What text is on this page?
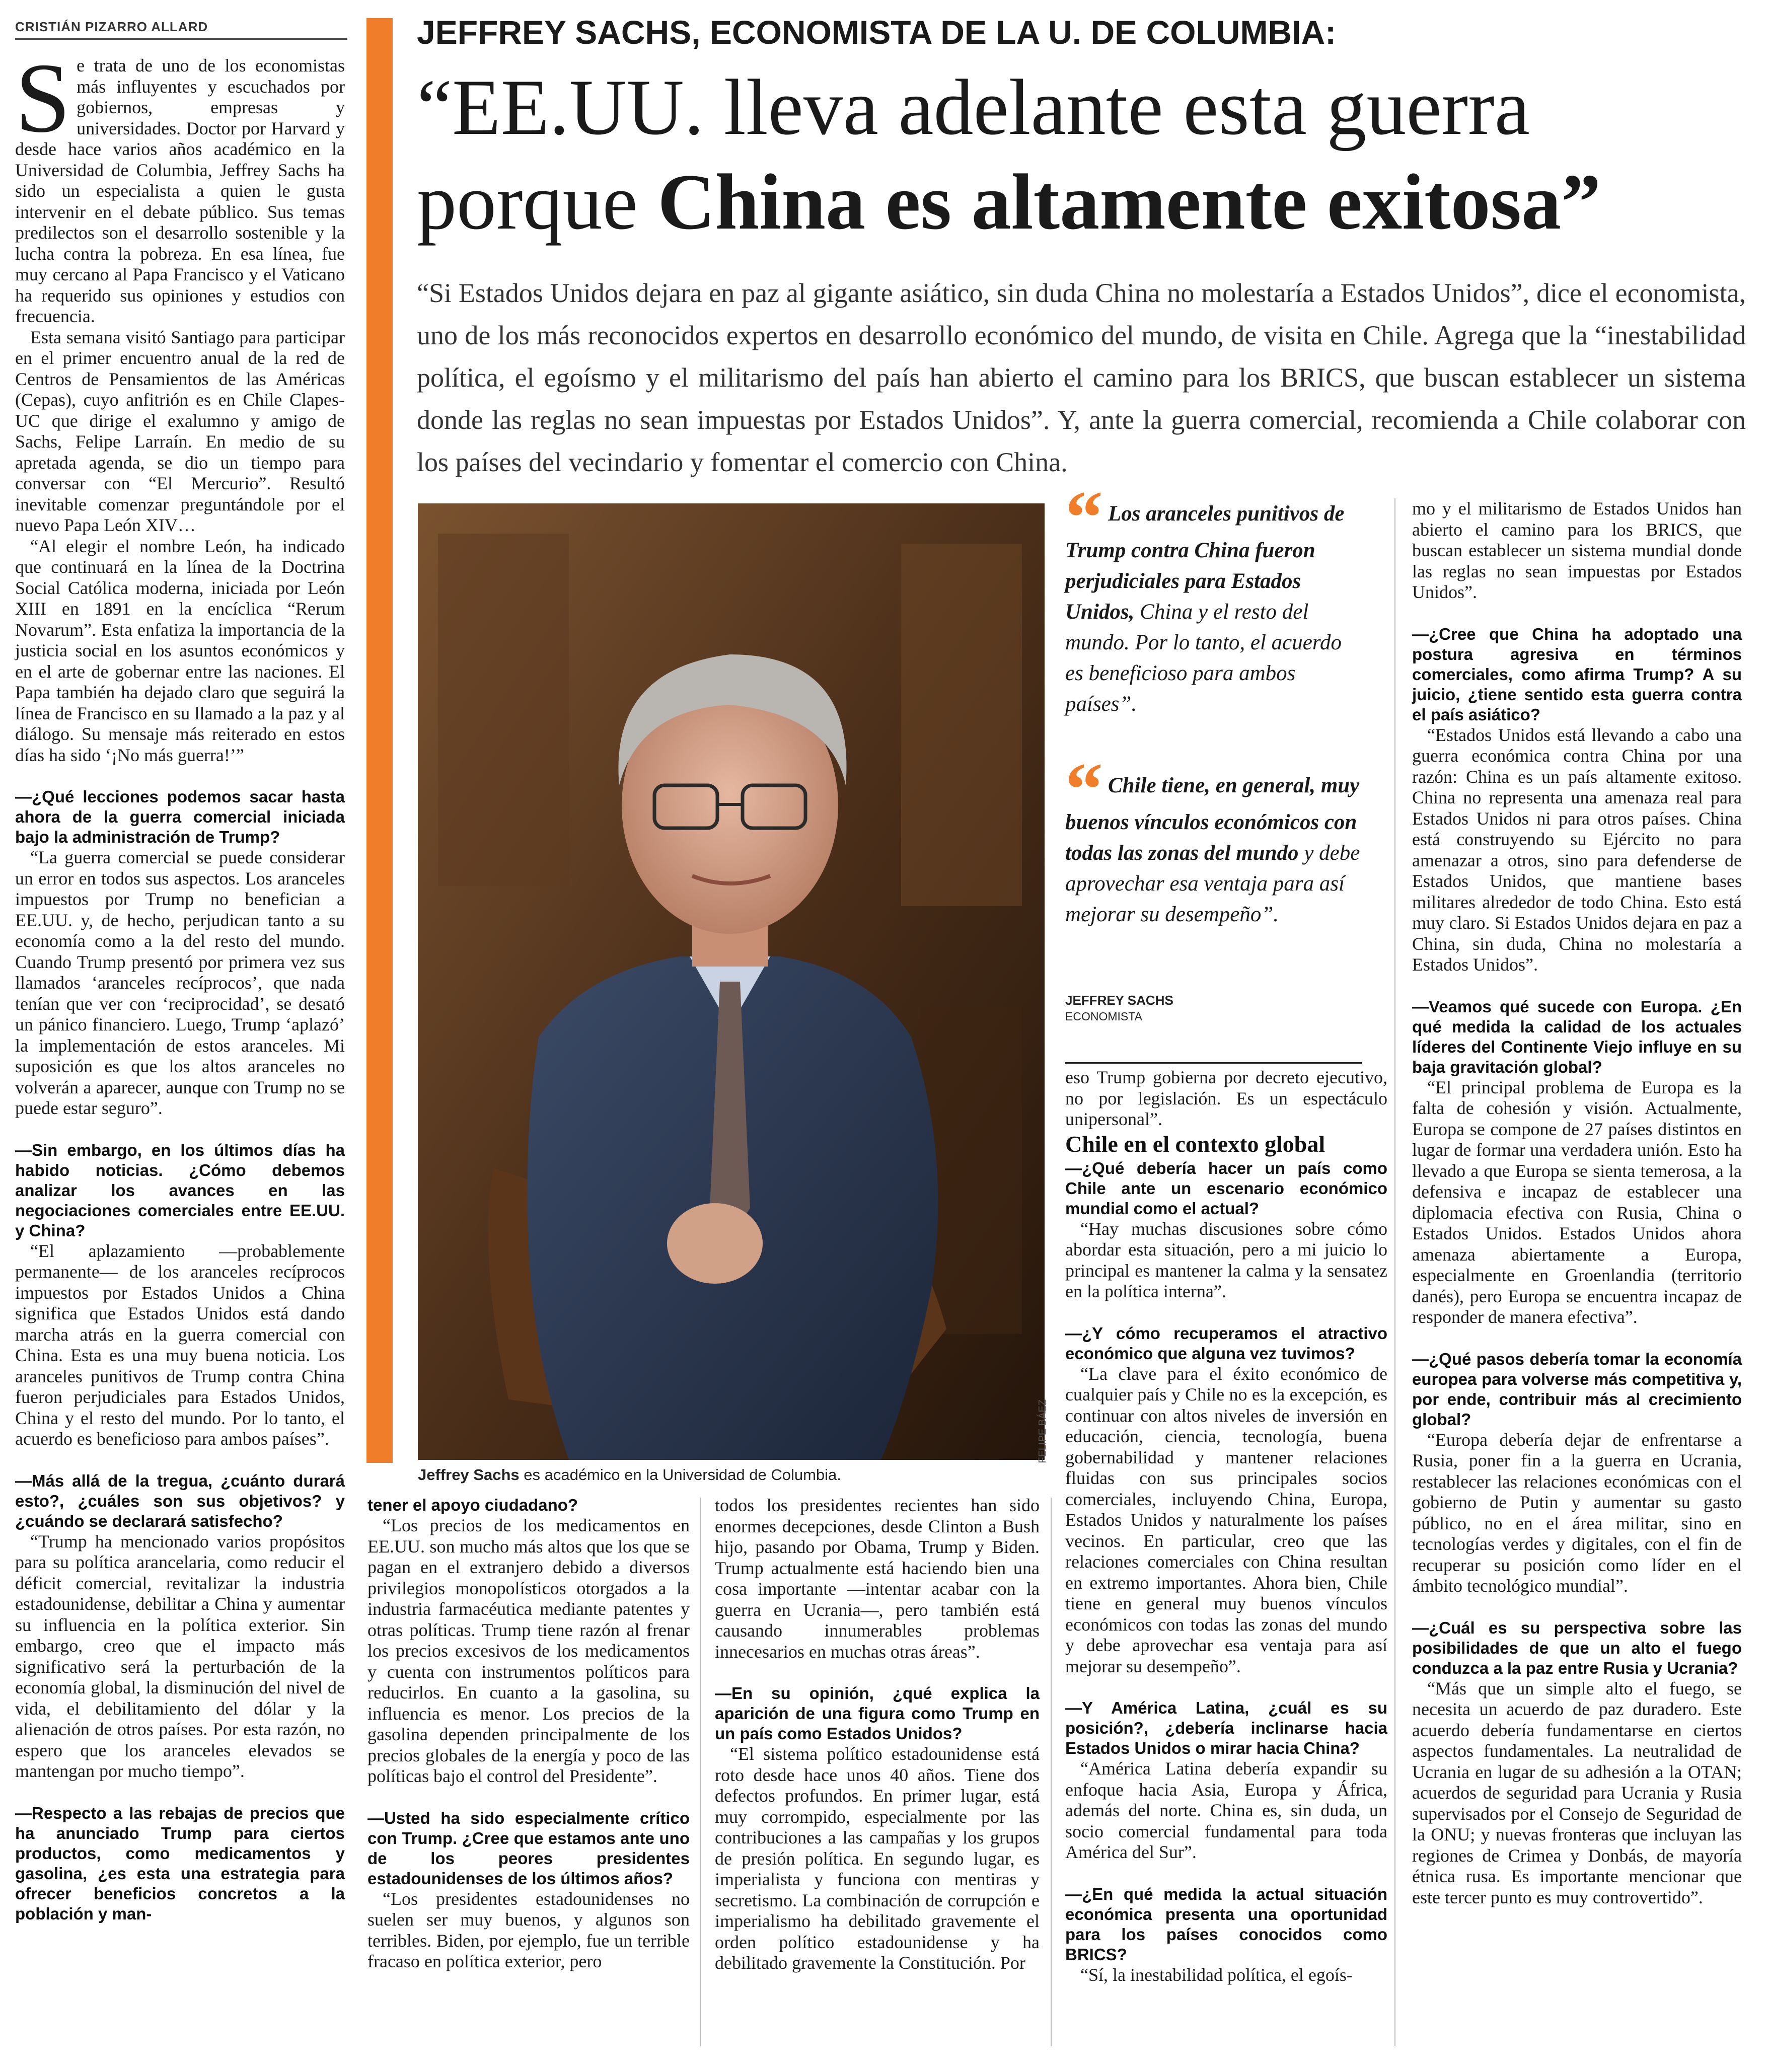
CRISTIÁN PIZARRO ALLARD	JEFFREY SACHS, ECONOMISTA DE LA U. DE COLUMBIA:
“EE.UU. lleva adelante esta guerra
porque China es altamente exitosa”
“Si Estados Unidos dejara en paz al gigante asiático, sin duda China no molestaría a Estados Unidos”, dice el economista, uno de los más reconocidos expertos en desarrollo económico del mundo, de visita en Chile. Agrega que la “inestabilidad política, el egoísmo y el militarismo del país han abierto el camino para los BRICS, que buscan establecer un sistema donde las reglas no sean impuestas por Estados Unidos”. Y, ante la guerra comercial, recomienda a Chile colaborar con los países del vecindario y fomentar el comercio con China.
FELIPE BÁEZ
Jeffrey Sachs es académico en la Universidad de Columbia.
“ Los aranceles punitivos de Trump contra China fueron perjudiciales para Estados Unidos, China y el resto del mundo. Por lo tanto, el acuerdo es beneficioso para ambos países”.
“ Chile tiene, en general, muy buenos vínculos económicos con todas las zonas del mundo y debe aprovechar esa ventaja para así mejorar su desempeño”.
JEFFREY SACHS
ECONOMISTA

Se trata de uno de los economistas más influyentes y escuchados por gobiernos, empresas y universidades. Doctor por Harvard y desde hace varios años académico en la Universidad de Columbia, Jeffrey Sachs ha sido un especialista a quien le gusta intervenir en el debate público. Sus temas predilectos son el desarrollo sostenible y la lucha contra la pobreza. En esa línea, fue muy cercano al Papa Francisco y el Vaticano ha requerido sus opiniones y estudios con frecuencia.

Esta semana visitó Santiago para participar en el primer encuentro anual de la red de Centros de Pensamientos de las Américas (Cepas), cuyo anfitrión es en Chile Clapes-UC que dirige el exalumno y amigo de Sachs, Felipe Larraín. En medio de su apretada agenda, se dio un tiempo para conversar con “El Mercurio”. Resultó inevitable comenzar preguntándole por el nuevo Papa León XIV…

“Al elegir el nombre León, ha indicado que continuará en la línea de la Doctrina Social Católica moderna, iniciada por León XIII en 1891 en la encíclica “Rerum Novarum”. Esta enfatiza la importancia de la justicia social en los asuntos económicos y en el arte de gobernar entre las naciones. El Papa también ha dejado claro que seguirá la línea de Francisco en su llamado a la paz y al diálogo. Su mensaje más reiterado en estos días ha sido ‘¡No más guerra!’”

—¿Qué lecciones podemos sacar hasta ahora de la guerra comercial iniciada bajo la administración de Trump?

“La guerra comercial se puede considerar un error en todos sus aspectos. Los aranceles impuestos por Trump no benefician a EE.UU. y, de hecho, perjudican tanto a su economía como a la del resto del mundo. Cuando Trump presentó por primera vez sus llamados ‘aranceles recíprocos’, que nada tenían que ver con ‘reciprocidad’, se desató un pánico financiero. Luego, Trump ‘aplazó’ la implementación de estos aranceles. Mi suposición es que los altos aranceles no volverán a aparecer, aunque con Trump no se puede estar seguro”.

—Sin embargo, en los últimos días ha habido noticias. ¿Cómo debemos analizar los avances en las negociaciones comerciales entre EE.UU. y China?

“El aplazamiento —probablemente permanente— de los aranceles recíprocos impuestos por Estados Unidos a China significa que Estados Unidos está dando marcha atrás en la guerra comercial con China. Esta es una muy buena noticia. Los aranceles punitivos de Trump contra China fueron perjudiciales para Estados Unidos, China y el resto del mundo. Por lo tanto, el acuerdo es beneficioso para ambos países”.

—Más allá de la tregua, ¿cuánto durará esto?, ¿cuáles son sus objetivos? y ¿cuándo se declarará satisfecho?

“Trump ha mencionado varios propósitos para su política arancelaria, como reducir el déficit comercial, revitalizar la industria estadounidense, debilitar a China y aumentar su influencia en la política exterior. Sin embargo, creo que el impacto más significativo será la perturbación de la economía global, la disminución del nivel de vida, el debilitamiento del dólar y la alienación de otros países. Por esta razón, no espero que los aranceles elevados se mantengan por mucho tiempo”.

—Respecto a las rebajas de precios que ha anunciado Trump para ciertos productos, como medicamentos y gasolina, ¿es esta una estrategia para ofrecer beneficios concretos a la población y man-

tener el apoyo ciudadano?

“Los precios de los medicamentos en EE.UU. son mucho más altos que los que se pagan en el extranjero debido a diversos privilegios monopolísticos otorgados a la industria farmacéutica mediante patentes y otras políticas. Trump tiene razón al frenar los precios excesivos de los medicamentos y cuenta con instrumentos políticos para reducirlos. En cuanto a la gasolina, su influencia es menor. Los precios de la gasolina dependen principalmente de los precios globales de la energía y poco de las políticas bajo el control del Presidente”.

—Usted ha sido especialmente crítico con Trump. ¿Cree que estamos ante uno de los peores presidentes estadounidenses de los últimos años?

“Los presidentes estadounidenses no suelen ser muy buenos, y algunos son terribles. Biden, por ejemplo, fue un terrible fracaso en política exterior, pero

todos los presidentes recientes han sido enormes decepciones, desde Clinton a Bush hijo, pasando por Obama, Trump y Biden. Trump actualmente está haciendo bien una cosa importante —intentar acabar con la guerra en Ucrania—, pero también está causando innumerables problemas innecesarios en muchas otras áreas”.

—En su opinión, ¿qué explica la aparición de una figura como Trump en un país como Estados Unidos?

“El sistema político estadounidense está roto desde hace unos 40 años. Tiene dos defectos profundos. En primer lugar, está muy corrompido, especialmente por las contribuciones a las campañas y los grupos de presión política. En segundo lugar, es imperialista y funciona con mentiras y secretismo. La combinación de corrupción e imperialismo ha debilitado gravemente el orden político estadounidense y ha debilitado gravemente la Constitución. Por

eso Trump gobierna por decreto ejecutivo, no por legislación. Es un espectáculo unipersonal”.

Chile en el contexto global

—¿Qué debería hacer un país como Chile ante un escenario económico mundial como el actual?

“Hay muchas discusiones sobre cómo abordar esta situación, pero a mi juicio lo principal es mantener la calma y la sensatez en la política interna”.

—¿Y cómo recuperamos el atractivo económico que alguna vez tuvimos?

“La clave para el éxito económico de cualquier país y Chile no es la excepción, es continuar con altos niveles de inversión en educación, ciencia, tecnología, buena gobernabilidad y mantener relaciones fluidas con sus principales socios comerciales, incluyendo China, Europa, Estados Unidos y naturalmente los países vecinos. En particular, creo que las relaciones comerciales con China resultan en extremo importantes. Ahora bien, Chile tiene en general muy buenos vínculos económicos con todas las zonas del mundo y debe aprovechar esa ventaja para así mejorar su desempeño”.

—Y América Latina, ¿cuál es su posición?, ¿debería inclinarse hacia Estados Unidos o mirar hacia China?

“América Latina debería expandir su enfoque hacia Asia, Europa y África, además del norte. China es, sin duda, un socio comercial fundamental para toda América del Sur”.

—¿En qué medida la actual situación económica presenta una oportunidad para los países conocidos como BRICS?

“Sí, la inestabilidad política, el egoís-

mo y el militarismo de Estados Unidos han abierto el camino para los BRICS, que buscan establecer un sistema mundial donde las reglas no sean impuestas por Estados Unidos”.

—¿Cree que China ha adoptado una postura agresiva en términos comerciales, como afirma Trump? A su juicio, ¿tiene sentido esta guerra contra el país asiático?

“Estados Unidos está llevando a cabo una guerra económica contra China por una razón: China es un país altamente exitoso. China no representa una amenaza real para Estados Unidos ni para otros países. China está construyendo su Ejército no para amenazar a otros, sino para defenderse de Estados Unidos, que mantiene bases militares alrededor de todo China. Esto está muy claro. Si Estados Unidos dejara en paz a China, sin duda, China no molestaría a Estados Unidos”.

—Veamos qué sucede con Europa. ¿En qué medida la calidad de los actuales líderes del Continente Viejo influye en su baja gravitación global?

“El principal problema de Europa es la falta de cohesión y visión. Actualmente, Europa se compone de 27 países distintos en lugar de formar una verdadera unión. Esto ha llevado a que Europa se sienta temerosa, a la defensiva e incapaz de establecer una diplomacia efectiva con Rusia, China o Estados Unidos. Estados Unidos ahora amenaza abiertamente a Europa, especialmente en Groenlandia (territorio danés), pero Europa se encuentra incapaz de responder de manera efectiva”.

—¿Qué pasos debería tomar la economía europea para volverse más competitiva y, por ende, contribuir más al crecimiento global?

“Europa debería dejar de enfrentarse a Rusia, poner fin a la guerra en Ucrania, restablecer las relaciones económicas con el gobierno de Putin y aumentar su gasto público, no en el área militar, sino en tecnologías verdes y digitales, con el fin de recuperar su posición como líder en el ámbito tecnológico mundial”.

—¿Cuál es su perspectiva sobre las posibilidades de que un alto el fuego conduzca a la paz entre Rusia y Ucrania?

“Más que un simple alto el fuego, se necesita un acuerdo de paz duradero. Este acuerdo debería fundamentarse en ciertos aspectos fundamentales. La neutralidad de Ucrania en lugar de su adhesión a la OTAN; acuerdos de seguridad para Ucrania y Rusia supervisados por el Consejo de Seguridad de la ONU; y nuevas fronteras que incluyan las regiones de Crimea y Donbás, de mayoría étnica rusa. Es importante mencionar que este tercer punto es muy controvertido”.
